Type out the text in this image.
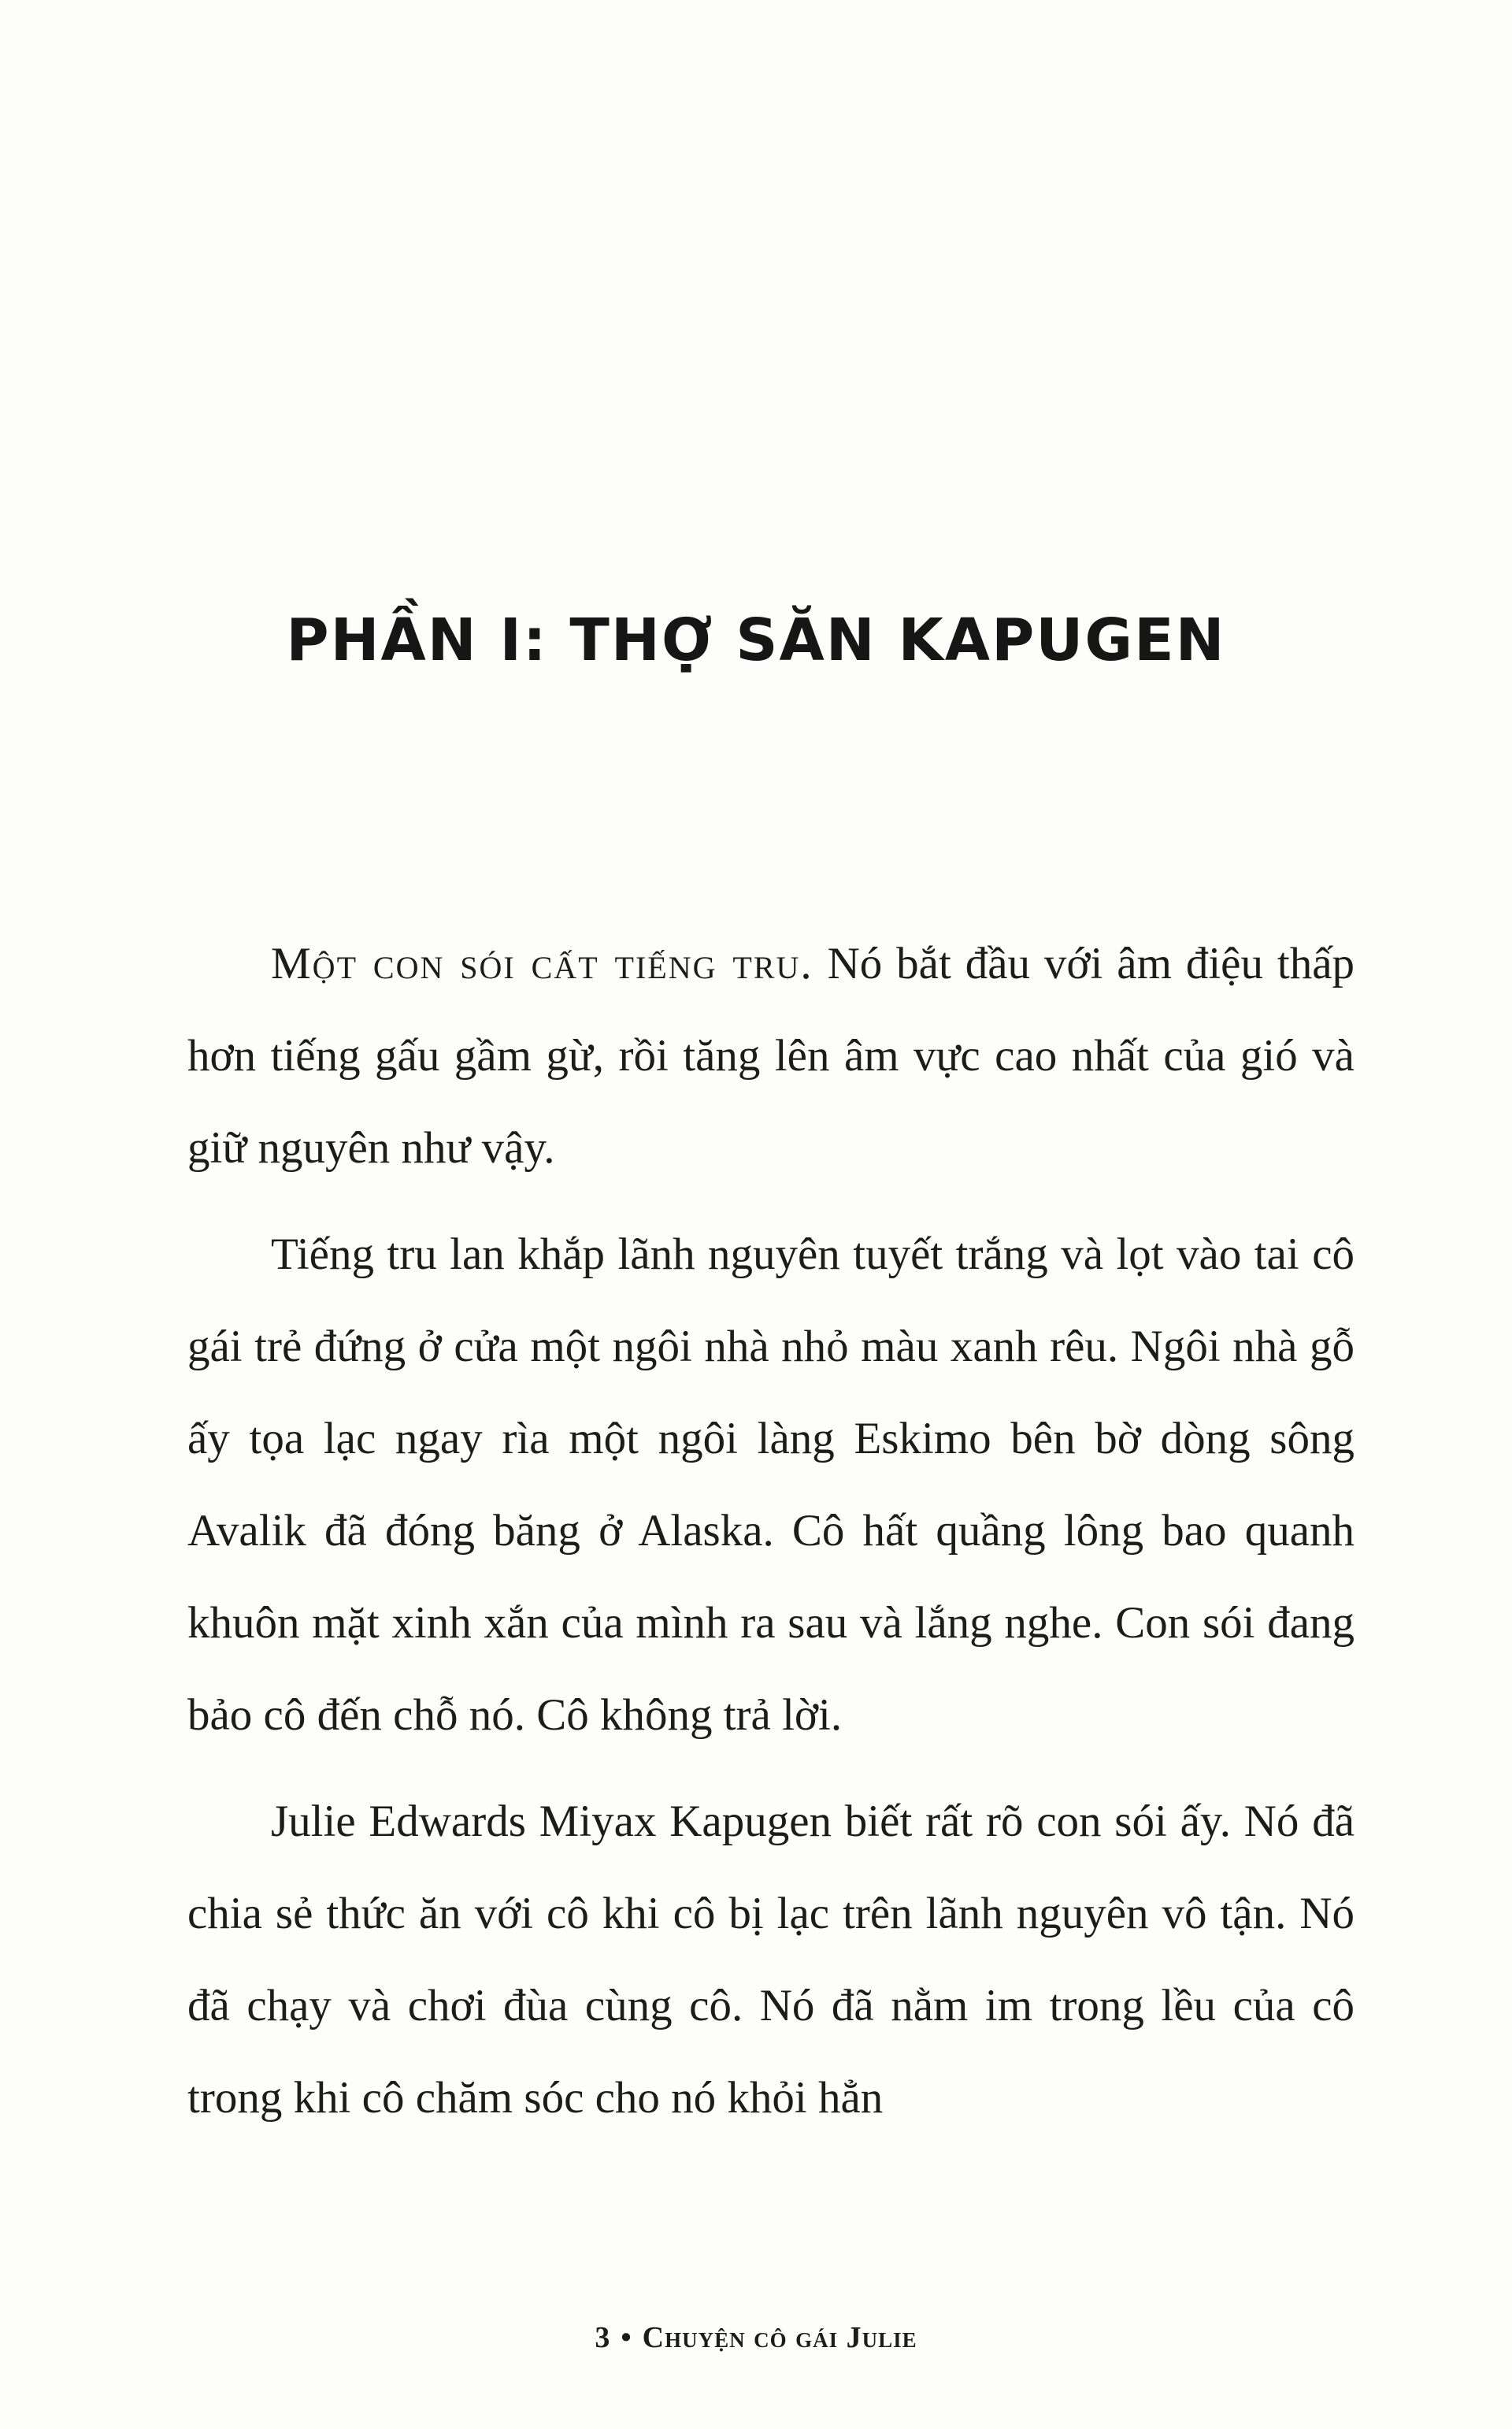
PHẦN I: THỢ SĂN KAPUGEN

Một con sói cất tiếng tru. Nó bắt đầu với âm điệu thấp hơn tiếng gấu gầm gừ, rồi tăng lên âm vực cao nhất của gió và giữ nguyên như vậy.

Tiếng tru lan khắp lãnh nguyên tuyết trắng và lọt vào tai cô gái trẻ đứng ở cửa một ngôi nhà nhỏ màu xanh rêu. Ngôi nhà gỗ ấy tọa lạc ngay rìa một ngôi làng Eskimo bên bờ dòng sông Avalik đã đóng băng ở Alaska. Cô hất quầng lông bao quanh khuôn mặt xinh xắn của mình ra sau và lắng nghe. Con sói đang bảo cô đến chỗ nó. Cô không trả lời.

Julie Edwards Miyax Kapugen biết rất rõ con sói ấy. Nó đã chia sẻ thức ăn với cô khi cô bị lạc trên lãnh nguyên vô tận. Nó đã chạy và chơi đùa cùng cô. Nó đã nằm im trong lều của cô trong khi cô chăm sóc cho nó khỏi hẳn

3 • Chuyện cô gái Julie
